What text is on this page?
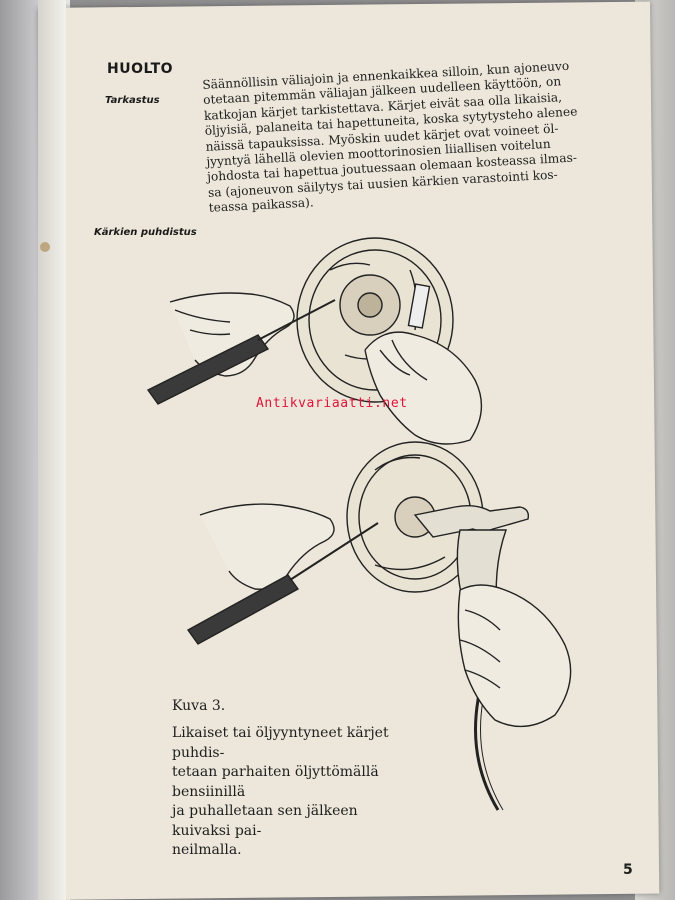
HUOLTO
Tarkastus
Kärkien puhdistus
Säännöllisin väliajoin ja ennenkaikkea silloin, kun ajoneuvo
otetaan pitemmän väliajan jälkeen uudelleen käyttöön, on
katkojan kärjet tarkistettava. Kärjet eivät saa olla likaisia,
öljyisiä, palaneita tai hapettuneita, koska sytytysteho alenee
näissä tapauksissa. Myöskin uudet kärjet ovat voineet öl-
jyyntyä lähellä olevien moottorinosien liiallisen voitelun
johdosta tai hapettua joutuessaan olemaan kosteassa ilmas-
sa (ajoneuvon säilytys tai uusien kärkien varastointi kos-
teassa paikassa).
Antikvariaatti.net
Kuva 3.
Likaiset tai öljyyntyneet kärjet puhdis-
tetaan parhaiten öljyttömällä bensiinillä
ja puhalletaan sen jälkeen kuivaksi pai-
neilmalla.
5
